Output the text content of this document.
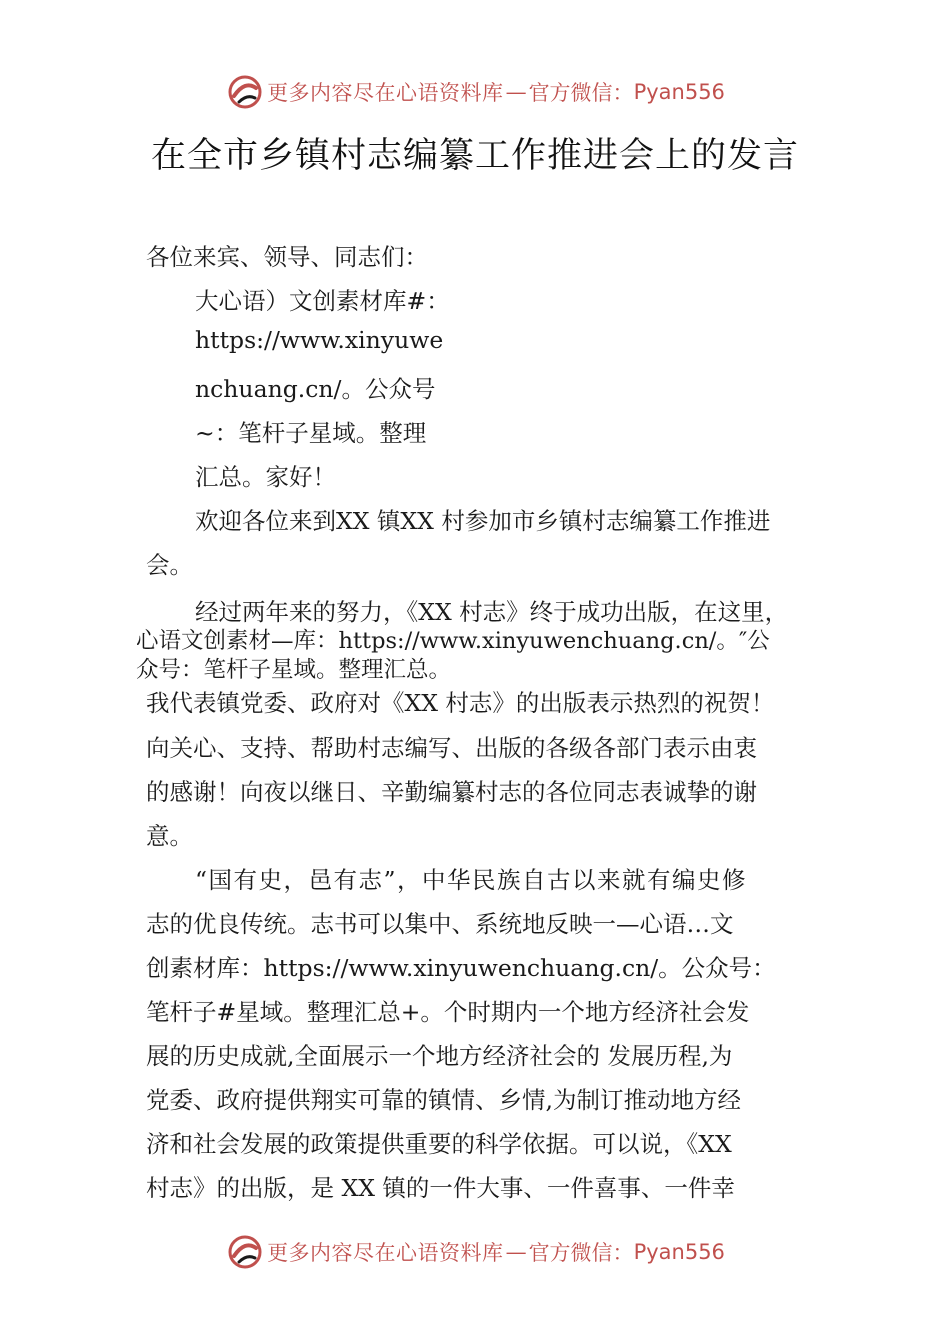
更多内容尽在心语资料库 — 官方微信： Pyan556
在全市乡镇村志编纂工作推进会上的发言
各位来宾、领导、同志们：
大心语）文创素材库#：
https://www.xinyuwe
nchuang.cn/。公众号
~：笔杆子星域。整理
汇总。家好！
欢迎各位来到XX 镇XX 村参加市乡镇村志编纂工作推进
会。
经过两年来的努力，《XX 村志》终于成功出版，在这里，
心语文创素材—库：https://www.xinyuwenchuang.cn/。″公
众号：笔杆子星域。整理汇总。
我代表镇党委、政府对《XX 村志》的出版表示热烈的祝贺！
向关心、支持、帮助村志编写、出版的各级各部门表示由衷
的感谢！向夜以继日、辛勤编纂村志的各位同志表诚挚的谢
意。
“国有史，邑有志”，中华民族自古以来就有编史修
志的优良传统。志书可以集中、系统地反映一—心语…文
创素材库：https://www.xinyuwenchuang.cn/。公众号：
笔杆子#星域。整理汇总+。个时期内一个地方经济社会发
展的历史成就,全面展示一个地方经济社会的 发展历程,为
党委、政府提供翔实可靠的镇情、乡情,为制订推动地方经
济和社会发展的政策提供重要的科学依据。可以说，《XX
村志》的出版，是 XX 镇的一件大事、一件喜事、一件幸
更多内容尽在心语资料库 — 官方微信： Pyan556
